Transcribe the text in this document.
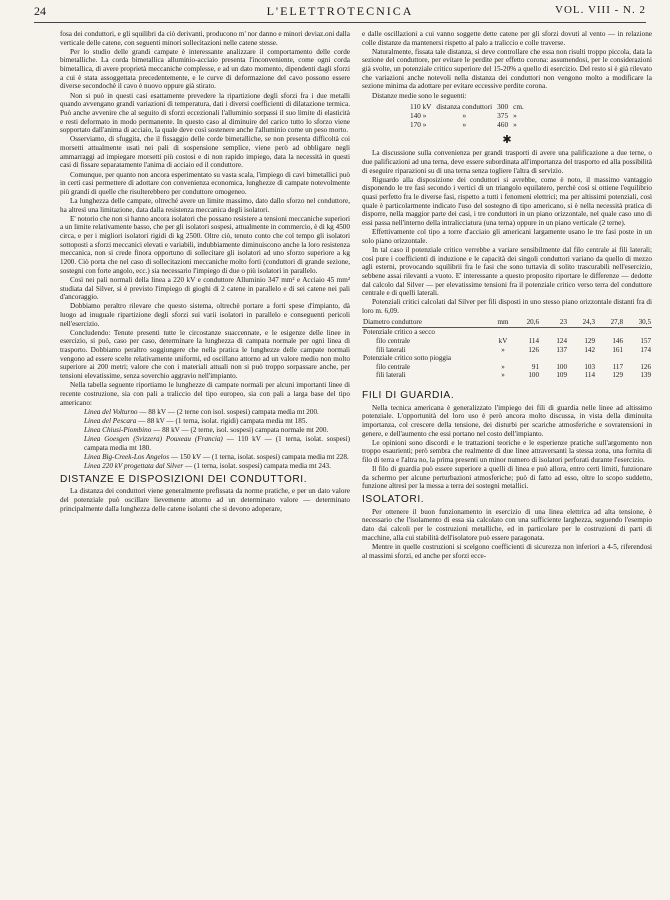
24	L'ELETTROTECNICA	VOL. VIII - N. 2

fosa dei conduttori, e gli squilibri da ciò derivanti, producono m' nor danno e minori deviaz.oni dalla verticale delle catene, con seguenti minori sollecitazioni nelle catene stesse.

Per lo studio delle grandi campate è interessante analizzare il comportamento delle corde bimetalliche. La corda bimetallica alluminio-acciaio presenta l'inconveniente, come ogni corda bimetallica, di avere proprietà meccaniche complesse, e ad un dato momento, dipendenti dagli sforzi a cui è stata assoggettata precedentemente, e le curve di deformazione del cavo possono essere diverse secondochè il cavo è nuovo oppure già stirato.

Non si può in questi casi esattamente prevedere la ripartizione degli sforzi fra i due metalli quando avvengano grandi variazioni di temperatura, dati i diversi coefficienti di dilatazione termica. Può anche avvenire che al seguito di sforzi eccezionali l'alluminio sorpassi il suo limite di elasticità e resti deformato in modo permanente. In questo caso al diminuire del carico tutto lo sforzo viene sopportato dall'anima di acciaio, la quale deve così sostenere anche l'alluminio come un peso morto.

Osserviamo, di sfuggita, che il fissaggio delle corde bimetalliche, se non presenta difficoltà coi morsetti attualmente usati nei pali di sospensione semplice, viene però ad obbligare negli ammarraggi ad impiegare morsetti più costosi e di non rapido impiego, data la necessità in questi casi di fissare separatamente l'anima di acciaio ed il conduttore.

Comunque, per quanto non ancora esperimentato su vasta scala, l'impiego di cavi bimetallici può in certi casi permettere di adottare con convenienza economica, lunghezze di campate notevolmente più grandi di quelle che risulterebbero per conduttore omogeneo.

La lunghezza delle campate, oltreché avere un limite massimo, dato dallo sforzo nel conduttore, ha altresì una limitazione, data dalla resistenza meccanica degli isolatori.

E' notorio che non si hanno ancora isolatori che possano resistere a tensioni meccaniche superiori a un limite relativamente basso, che per gli isolatori sospesi, attualmente in commercio, è di kg 4500 circa, e per i migliori isolatori rigidi di kg 2500. Oltre ciò, tenuto conto che col tempo gli isolatori sottoposti a sforzi meccanici elevati e variabili, indubbiamente diminuiscono anche la loro resistenza meccanica, non si crede finora opportuno di sollecitare gli isolatori ad uno sforzo superiore a kg 1200. Ciò porta che nel caso di sollecitazioni meccaniche molto forti (conduttori di grande sezione, sostegni con forte angolo, ecc.) sia necessario l'impiego di due o più isolatori in parallelo.

Così nei pali normali della linea a 220 kV e conduttore Alluminio 347 mm² e Acciaio 45 mm² studiata dal Silver, si è previsto l'impiego di gioghi di 2 catene in parallelo e di sei catene nei pali d'ancoraggio.

Dobbiamo peraltro rilevare che questo sistema, oltrechè portare a forti spese d'impianto, dà luogo ad inuguale ripartizione degli sforzi sui varii isolatori in parallelo e conseguenti pericoli nell'esercizio.

Concludendo: Tenute presenti tutte le circostanze suaccennate, e le esigenze delle linee in esercizio, si può, caso per caso, determinare la lunghezza di campata normale per ogni linea di trasporto. Dobbiamo peraltro soggiungere che nella pratica le lunghezze delle campate normali vengono ad essere scelte relativamente uniformi, ed oscillano attorno ad un valore medio non molto superiore ai 200 metri; valore che con i materiali attuali non si può troppo sorpassare anche, per tensioni elevatissime, senza soverchio aggravio nell'impianto.

Nella tabella seguente riportiamo le lunghezze di campate normali per alcuni importanti linee di recente costruzione, sia con pali a traliccio del tipo europeo, sia con pali a larga base del tipo americano:

Linea del Volturno — 88 kV — (2 terne con isol. sospesi) campata media mt 200.

Linea del Pescara — 88 kV — (1 terna, isolat. rigidi) campata media mt 185.

Linea Chiusi-Piombino — 88 kV — (2 terne, isol. sospesi) campata normale mt 200.

Linea Goesgen (Svizzera) Pouxeau (Francia) — 110 kV — (1 terna, isolat. sospesi) campata media mt 180.

Linea Big-Creek-Los Angelos — 150 kV — (1 terna, isolat. sospesi) campata media mt 228.

Linea 220 kV progettata dal Silver — (1 terna, isolat. sospesi) campata media mt 243.

DISTANZE E DISPOSIZIONI DEI CONDUTTORI.

La distanza dei conduttori viene generalmente prefissata da norme pratiche, e per un dato valore del potenziale può oscillare lievemente attorno ad un determinato valore — determinato principalmente dalla lunghezza delle catene isolanti che si devono adoperare,

e dalle oscillazioni a cui vanno soggette dette catene per gli sforzi dovuti al vento — in relazione colle distanze da mantenersi rispetto al palo a traliccio e colle traverse.

Naturalmente, fissata tale distanza, si deve controllare che essa non risulti troppo piccola, data la sezione del conduttore, per evitare le perdite per effetto corona: assumendosi, per le considerazioni già svolte, un potenziale critico superiore del 15-20% a quello di esercizio. Del resto si è già rilevato che variazioni anche notevoli nella distanza dei conduttori non vengono molto a modificare la sezione minima da adottare per evitare eccessive perdite corona.

Distanze medie sono le seguenti:

110 kV	distanza conduttori	300	cm.
140 »	»	375	»
170 »	»	460	»
✱

La discussione sulla convenienza per grandi trasporti di avere una palificazione a due terne, o due palificazioni ad una terna, deve essere subordinata all'importanza del trasporto ed alla possibilità di eseguire riparazioni su di una terna senza togliere l'altra di servizio.

Riguardo alla disposizione dei conduttori si avrebbe, come è noto, il massimo vantaggio disponendo le tre fasi secondo i vertici di un triangolo equilatero, perchè così si ottiene l'equilibrio quasi perfetto fra le diverse fasi, rispetto a tutti i fenomeni elettrici; ma per altissimi potenziali, così quale è particolarmente indicato l'uso del sostegno di tipo americano, si è nella necessità pratica di disporre, nella maggior parte dei casi, i tre conduttori in un piano orizzontale, nel quale caso uno di essi passa nell'interno della intralicciatura (una terna) oppure in un piano verticale (2 terne).

Effettivamente col tipo a torre d'acciaio gli americani largamente usano le tre fasi poste in un solo piano orizzontale.

In tal caso il potenziale critico verrebbe a variare sensibilmente dal filo centrale ai fili laterali; così pure i coefficienti di induzione e le capacità dei singoli conduttori variano da quello di mezzo agli esterni, provocando squilibrii fra le fasi che sono tuttavia di solito trascurabili nell'esercizio, sebbene assai rilevanti a vuoto. E' interessante a questo proposito riportare le differenze — dedotte dal calcolo dal Silver — per elevatissime tensioni fra il potenziale critico verso terra del conduttore centrale e di quelli laterali.

Potenziali critici calcolati dal Silver per fili disposti in uno stesso piano orizzontale distanti fra di loro m. 6,09.

Diametro conduttore	mm	20,6	23	24,3	27,8	30,5
Potenziale critico a secco						
filo centrale	kV	114	124	129	146	157
fili laterali	»	126	137	142	161	174
Potenziale critico sotto pioggia						
filo centrale	»	91	100	103	117	126
fili laterali	»	100	109	114	129	139
FILI DI GUARDIA.

Nella tecnica americana è generalizzato l'impiego dei fili di guardia nelle linee ad altissimo potenziale. L'opportunità del loro uso è però ancora molto discussa, in vista della diminuita importanza, col crescere della tensione, dei disturbi per scariche atmosferiche e sovratensioni in genere, e dell'aumento che essi portano nel costo dell'impianto.

Le opinioni sono discordi e le trattazioni teoriche e le esperienze pratiche sull'argomento non troppo esaurienti; però sembra che realmente di due linee attraversanti la stessa zona, una fornita di filo di terra e l'altra no, la prima presenti un minor numero di isolatori perforati durante l'esercizio.

Il filo di guardia può essere superiore a quelli di linea e può allora, entro certi limiti, funzionare da schermo per alcune perturbazioni atmosferiche; può di fatto ad esso, oltre lo scopo suddetto, funzione altresì per la messa a terra dei sostegni metallici.

ISOLATORI.

Per ottenere il buon funzionamento in esercizio di una linea elettrica ad alta tensione, è necessario che l'isolamento di essa sia calcolato con una sufficiente larghezza, seguendo l'esempio dato dai calcoli per le costruzioni metalliche, ed in particolare per le costruzioni di parti di macchine, alla cui stabilità dell'isolatore può essere paragonata.

Mentre in quelle costruzioni si scelgono coefficienti di sicurezza non inferiori a 4-5, riferendosi al massimi sforzi, ed anche per sforzi ecce-
